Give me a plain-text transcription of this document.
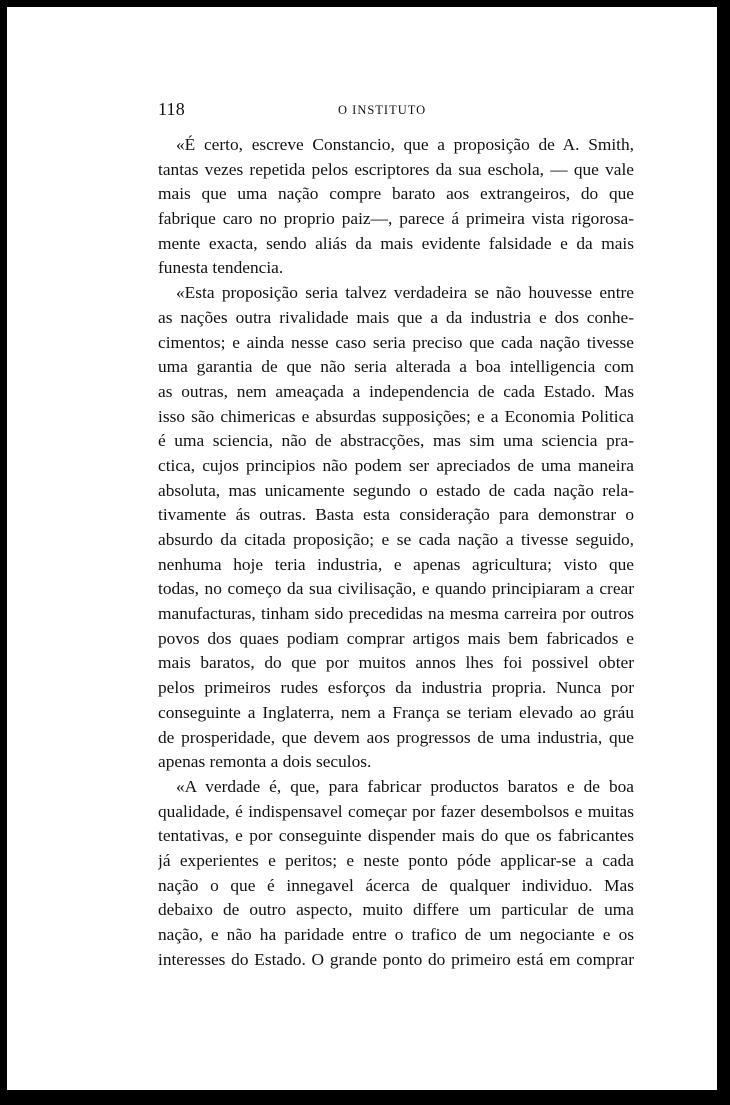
118	O INSTITUTO
«É certo, escreve Constancio, que a proposição de A. Smith,
tantas vezes repetida pelos escriptores da sua eschola, — que vale
mais que uma nação compre barato aos extrangeiros, do que
fabrique caro no proprio paiz—, parece á primeira vista rigorosa-
mente exacta, sendo aliás da mais evidente falsidade e da mais
funesta tendencia.
«Esta proposição seria talvez verdadeira se não houvesse entre
as nações outra rivalidade mais que a da industria e dos conhe-
cimentos; e ainda nesse caso seria preciso que cada nação tivesse
uma garantia de que não seria alterada a boa intelligencia com
as outras, nem ameaçada a independencia de cada Estado. Mas
isso são chimericas e absurdas supposições; e a Economia Politica
é uma sciencia, não de abstracções, mas sim uma sciencia pra-
ctica, cujos principios não podem ser apreciados de uma maneira
absoluta, mas unicamente segundo o estado de cada nação rela-
tivamente ás outras. Basta esta consideração para demonstrar o
absurdo da citada proposição; e se cada nação a tivesse seguido,
nenhuma hoje teria industria, e apenas agricultura; visto que
todas, no começo da sua civilisação, e quando principiaram a crear
manufacturas, tinham sido precedidas na mesma carreira por outros
povos dos quaes podiam comprar artigos mais bem fabricados e
mais baratos, do que por muitos annos lhes foi possivel obter
pelos primeiros rudes esforços da industria propria. Nunca por
conseguinte a Inglaterra, nem a França se teriam elevado ao gráu
de prosperidade, que devem aos progressos de uma industria, que
apenas remonta a dois seculos.
«A verdade é, que, para fabricar productos baratos e de boa
qualidade, é indispensavel começar por fazer desembolsos e muitas
tentativas, e por conseguinte dispender mais do que os fabricantes
já experientes e peritos; e neste ponto póde applicar-se a cada
nação o que é innegavel ácerca de qualquer individuo. Mas
debaixo de outro aspecto, muito differe um particular de uma
nação, e não ha paridade entre o trafico de um negociante e os
interesses do Estado. O grande ponto do primeiro está em comprar
